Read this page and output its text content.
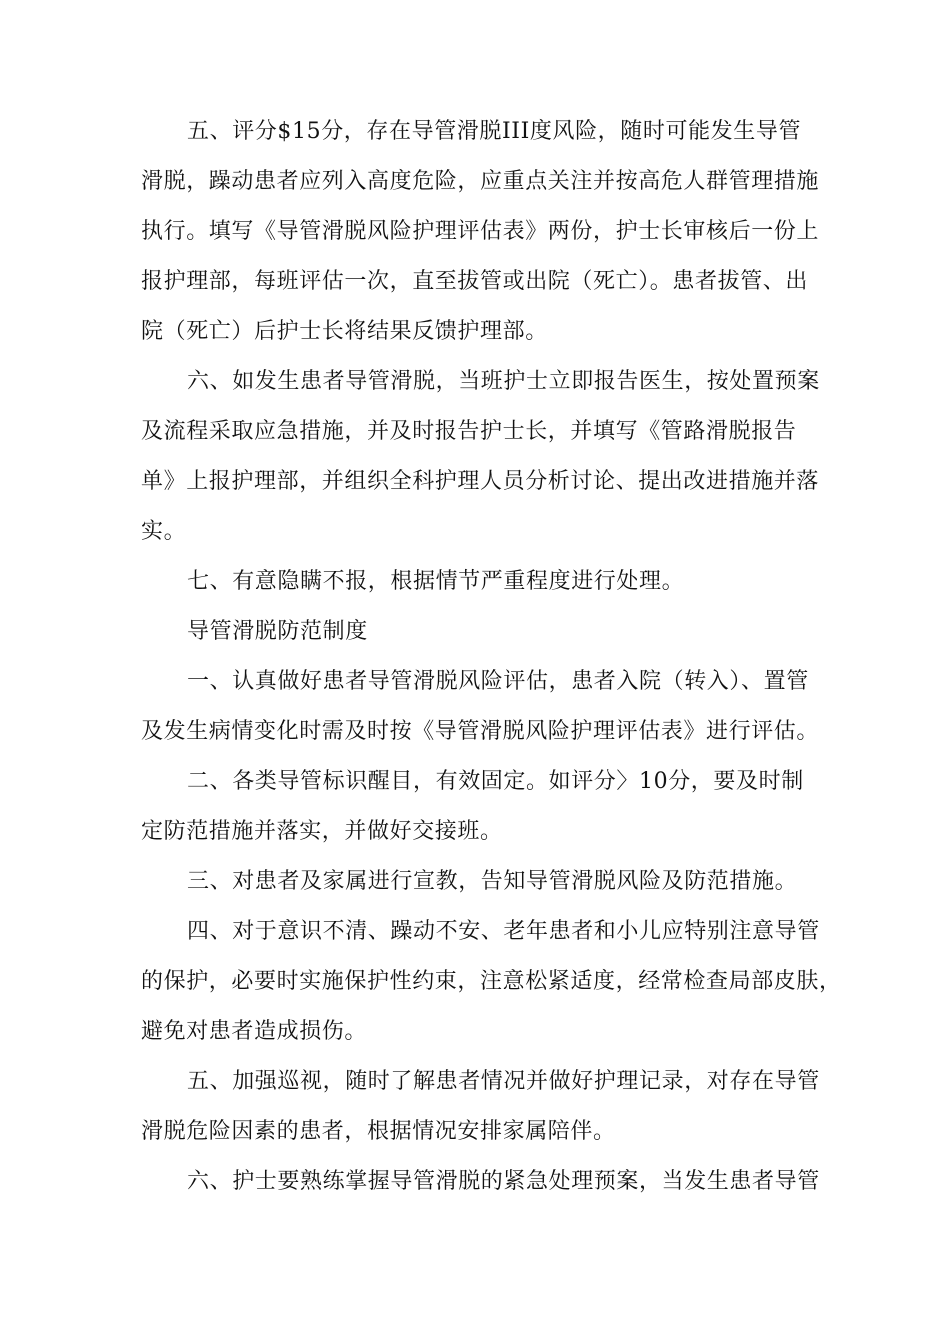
五、评分$15分，存在导管滑脱III度风险，随时可能发生导管
滑脱，躁动患者应列入高度危险，应重点关注并按高危人群管理措施
执行。填写《导管滑脱风险护理评估表》两份，护士长审核后一份上
报护理部，每班评估一次，直至拔管或出院（死亡）。患者拔管、出
院（死亡）后护士长将结果反馈护理部。
六、如发生患者导管滑脱，当班护士立即报告医生，按处置预案
及流程采取应急措施，并及时报告护士长，并填写《管路滑脱报告
单》上报护理部，并组织全科护理人员分析讨论、提出改进措施并落
实。
七、有意隐瞒不报，根据情节严重程度进行处理。
导管滑脱防范制度
一、认真做好患者导管滑脱风险评估，患者入院（转入）、置管
及发生病情变化时需及时按《导管滑脱风险护理评估表》进行评估。
二、各类导管标识醒目，有效固定。如评分〉10分，要及时制
定防范措施并落实，并做好交接班。
三、对患者及家属进行宣教，告知导管滑脱风险及防范措施。
四、对于意识不清、躁动不安、老年患者和小儿应特别注意导管
的保护，必要时实施保护性约束，注意松紧适度，经常检查局部皮肤，
避免对患者造成损伤。
五、加强巡视，随时了解患者情况并做好护理记录，对存在导管
滑脱危险因素的患者，根据情况安排家属陪伴。
六、护士要熟练掌握导管滑脱的紧急处理预案，当发生患者导管
